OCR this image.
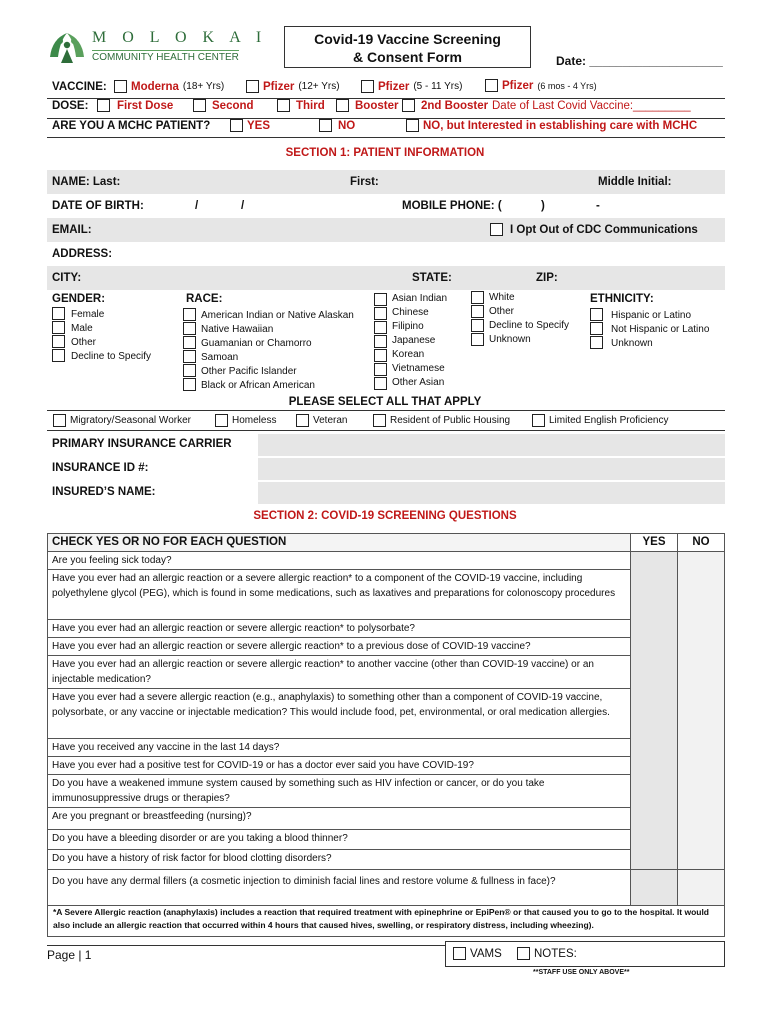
M O L O K A I
COMMUNITY HEALTH CENTER
Covid-19 Vaccine Screening
& Consent Form	Date: ____________________
VACCINE: Moderna (18+ Yrs)	Pfizer (12+ Yrs)	Pfizer (5 - 11 Yrs)	Pfizer (6 mos - 4 Yrs)
DOSE: First Dose	Second	Third	Booster 2nd Booster Date of Last Covid Vaccine:_________
ARE YOU A MCHC PATIENT?	YES	NO	NO, but Interested in establishing care with MCHC
SECTION 1: PATIENT INFORMATION
NAME: Last:	First:	Middle Initial:
DATE OF BIRTH:	/	/	MOBILE PHONE: (	)	-
EMAIL:	I Opt Out of CDC Communications
ADDRESS:
CITY:	STATE:	ZIP:
GENDER:
Female
Male
Other
Decline to Specify
RACE:
American Indian or Native Alaskan
Native Hawaiian
Guamanian or Chamorro
Samoan
Other Pacific Islander
Black or African American
Asian Indian
Chinese
Filipino
Japanese
Korean
Vietnamese
Other Asian
White
Other
Decline to Specify
Unknown
ETHNICITY:
Hispanic or Latino
Not Hispanic or Latino
Unknown
PLEASE SELECT ALL THAT APPLY
Migratory/Seasonal Worker	Homeless	Veteran	Resident of Public Housing	Limited English Proficiency
PRIMARY INSURANCE CARRIER
INSURANCE ID #:
INSURED’S NAME:
SECTION 2: COVID-19 SCREENING QUESTIONS
CHECK YES OR NO FOR EACH QUESTION	YES	NO
Are you feeling sick today?		
Have you ever had an allergic reaction or a severe allergic reaction* to a component of the COVID-19 vaccine, including polyethylene glycol (PEG), which is found in some medications, such as laxatives and preparations for colonoscopy procedures		
Have you ever had an allergic reaction or severe allergic reaction* to polysorbate?		
Have you ever had an allergic reaction or severe allergic reaction* to a previous dose of COVID-19 vaccine?		
Have you ever had an allergic reaction or severe allergic reaction* to another vaccine (other than COVID-19 vaccine) or an injectable medication?		
Have you ever had a severe allergic reaction (e.g., anaphylaxis) to something other than a component of COVID-19 vaccine, polysorbate, or any vaccine or injectable medication? This would include food, pet, environmental, or oral medication allergies.		
Have you received any vaccine in the last 14 days?		
Have you ever had a positive test for COVID-19 or has a doctor ever said you have COVID-19?		
Do you have a weakened immune system caused by something such as HIV infection or cancer, or do you take immunosuppressive drugs or therapies?		
Are you pregnant or breastfeeding (nursing)?		
Do you have a bleeding disorder or are you taking a blood thinner?		
Do you have a history of risk factor for blood clotting disorders?		
Do you have any dermal fillers (a cosmetic injection to diminish facial lines and restore volume & fullness in face)?		
*A Severe Allergic reaction (anaphylaxis) includes a reaction that required treatment with epinephrine or EpiPen® or that caused you to go to the hospital. It would also include an allergic reaction that occurred within 4 hours that caused hives, swelling, or respiratory distress, including wheezing).
Page | 1	VAMS	NOTES:
**STAFF USE ONLY ABOVE**
